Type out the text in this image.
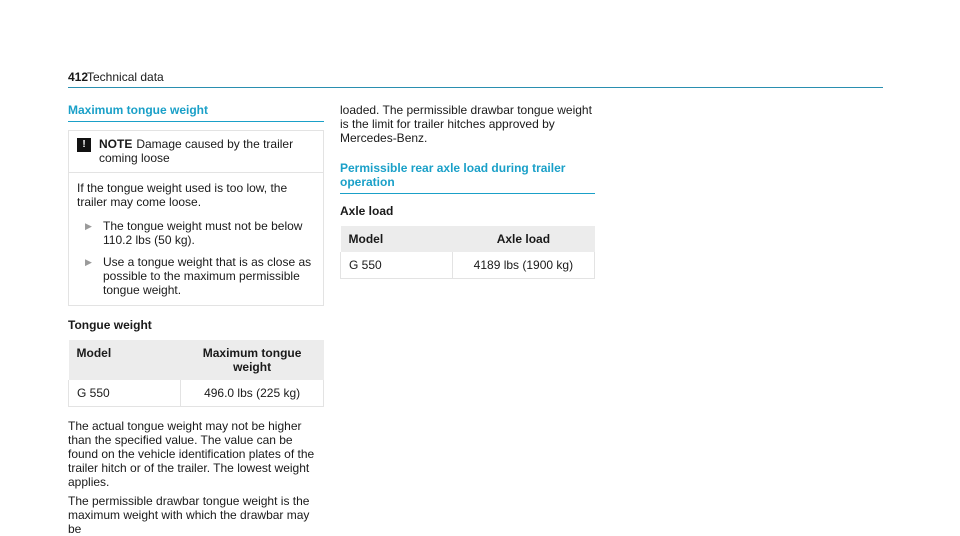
412
Technical data
Maximum tongue weight
!	NOTE Damage caused by the trailer coming loose

If the tongue weight used is too low, the trailer may come loose.

▶ The tongue weight must not be below 110.2 lbs (50 kg).
▶ Use a tongue weight that is as close as possible to the maximum permissible tongue weight.
Tongue weight
Model	Maximum tongue weight
G 550	496.0 lbs (225 kg)

The actual tongue weight may not be higher than the specified value. The value can be found on the vehicle identification plates of the trailer hitch or of the trailer. The lowest weight applies.

The permissible drawbar tongue weight is the maximum weight with which the drawbar may be

loaded. The permissible drawbar tongue weight is the limit for trailer hitches approved by Mercedes-Benz.

Permissible rear axle load during trailer operation
Axle load
Model	Axle load
G 550	4189 lbs (1900 kg)
